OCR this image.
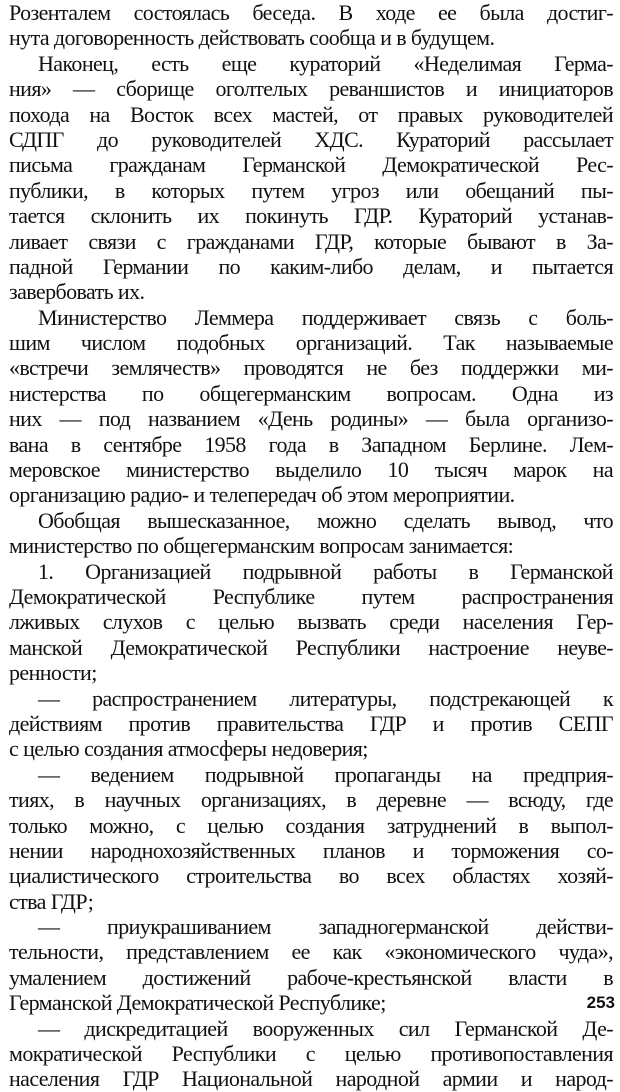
Розенталем состоялась беседа. В ходе ее была достиг-
нута договоренность действовать сообща и в будущем.
Наконец, есть еще кураторий «Неделимая Герма-
ния» — сборище оголтелых реваншистов и инициаторов
похода на Восток всех мастей, от правых руководителей
СДПГ до руководителей ХДС. Кураторий рассылает
письма гражданам Германской Демократической Рес-
публики, в которых путем угроз или обещаний пы-
тается склонить их покинуть ГДР. Кураторий устанав-
ливает связи с гражданами ГДР, которые бывают в За-
падной Германии по каким-либо делам, и пытается
завербовать их.
Министерство Леммера поддерживает связь с боль-
шим числом подобных организаций. Так называемые
«встречи землячеств» проводятся не без поддержки ми-
нистерства по общегерманским вопросам. Одна из
них — под названием «День родины» — была организо-
вана в сентябре 1958 года в Западном Берлине. Лем-
меровское министерство выделило 10 тысяч марок на
организацию радио- и телепередач об этом мероприятии.
Обобщая вышесказанное, можно сделать вывод, что
министерство по общегерманским вопросам занимается:
1. Организацией подрывной работы в Германской
Демократической Республике путем распространения
лживых слухов с целью вызвать среди населения Гер-
манской Демократической Республики настроение неуве-
ренности;
— распространением литературы, подстрекающей к
действиям против правительства ГДР и против СЕПГ
с целью создания атмосферы недоверия;
— ведением подрывной пропаганды на предприя-
тиях, в научных организациях, в деревне — всюду, где
только можно, с целью создания затруднений в выпол-
нении народнохозяйственных планов и торможения со-
циалистического строительства во всех областях хозяй-
ства ГДР;
— приукрашиванием западногерманской действи-
тельности, представлением ее как «экономического чуда»,
умалением достижений рабоче-крестьянской власти в
Германской Демократической Республике;
— дискредитацией вооруженных сил Германской Де-
мократической Республики с целью противопоставления
населения ГДР Национальной народной армии и народ-
253
